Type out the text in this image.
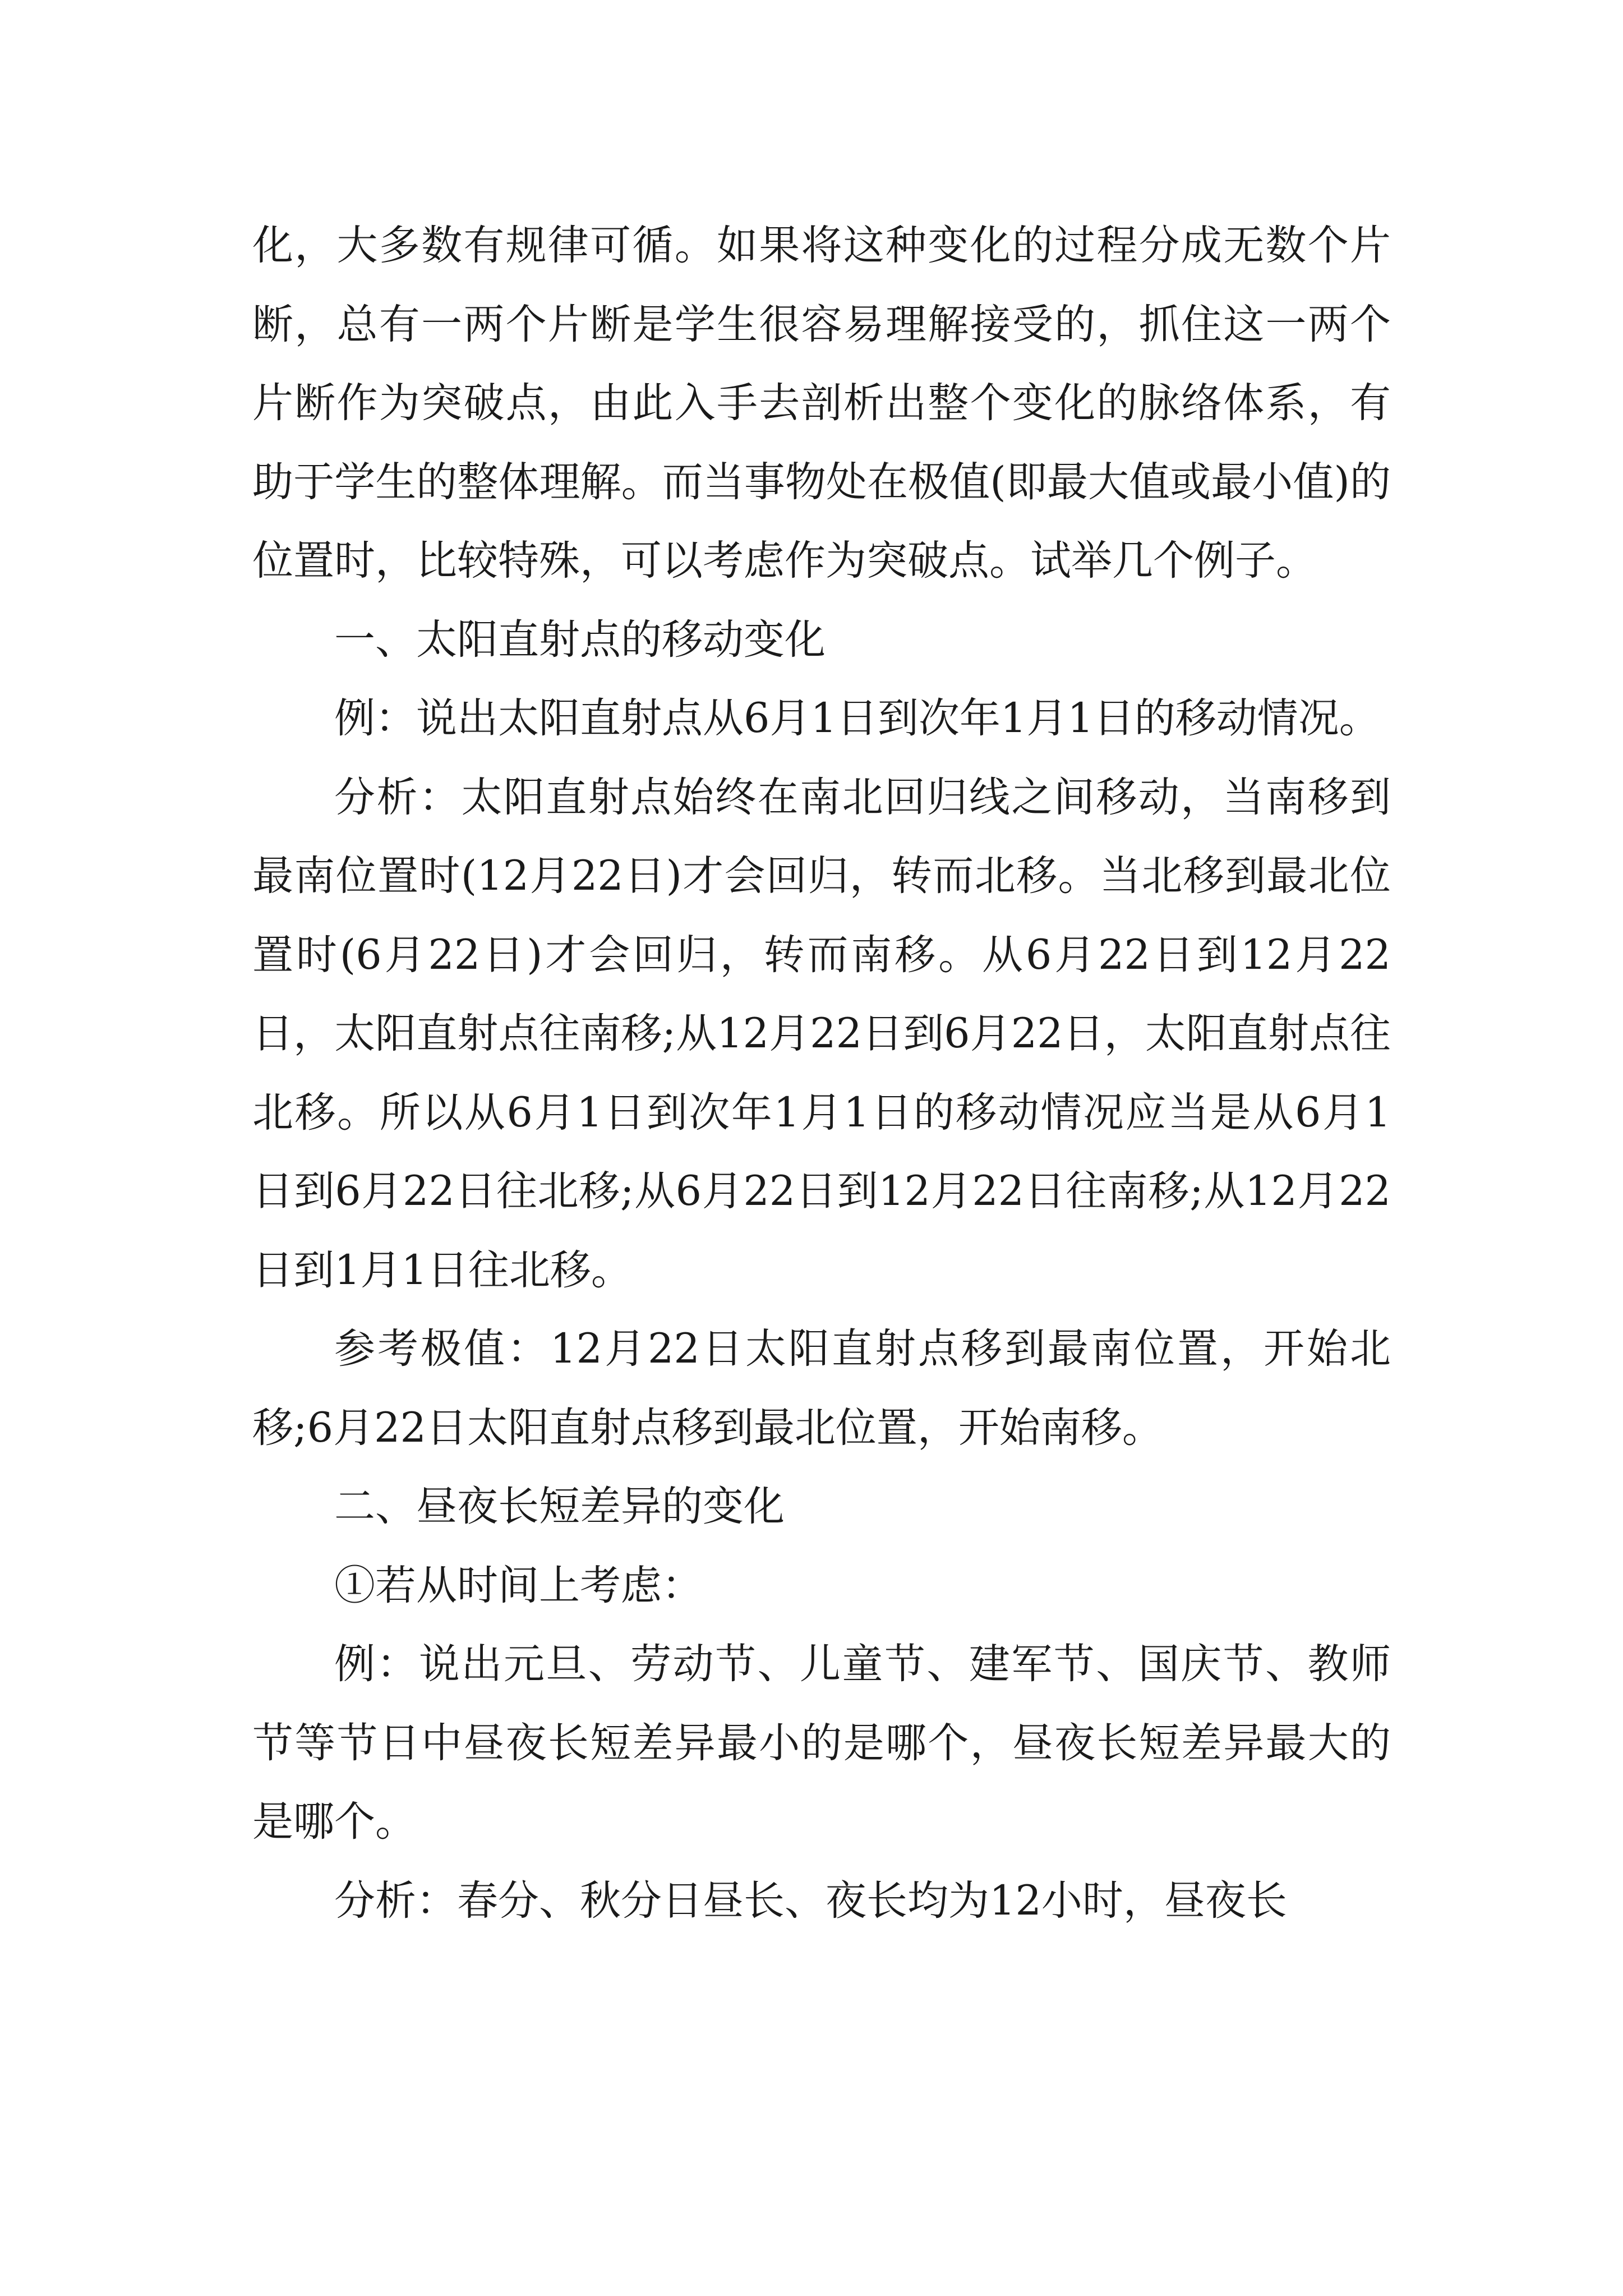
化，大多数有规律可循。如果将这种变化的过程分成无数个片断，总有一两个片断是学生很容易理解接受的，抓住这一两个片断作为突破点，由此入手去剖析出整个变化的脉络体系，有助于学生的整体理解。而当事物处在极值(即最大值或最小值)的位置时，比较特殊，可以考虑作为突破点。试举几个例子。

一、太阳直射点的移动变化

例：说出太阳直射点从6月1日到次年1月1日的移动情况。

分析：太阳直射点始终在南北回归线之间移动，当南移到最南位置时(12月22日)才会回归，转而北移。当北移到最北位置时(6月22日)才会回归，转而南移。从6月22日到12月22日，太阳直射点往南移;从12月22日到6月22日，太阳直射点往北移。所以从6月1日到次年1月1日的移动情况应当是从6月1日到6月22日往北移;从6月22日到12月22日往南移;从12月22日到1月1日往北移。

参考极值：12月22日太阳直射点移到最南位置，开始北移;6月22日太阳直射点移到最北位置，开始南移。

二、昼夜长短差异的变化

①若从时间上考虑：

例：说出元旦、劳动节、儿童节、建军节、国庆节、教师节等节日中昼夜长短差异最小的是哪个，昼夜长短差异最大的是哪个。

分析：春分、秋分日昼长、夜长均为12小时，昼夜长
